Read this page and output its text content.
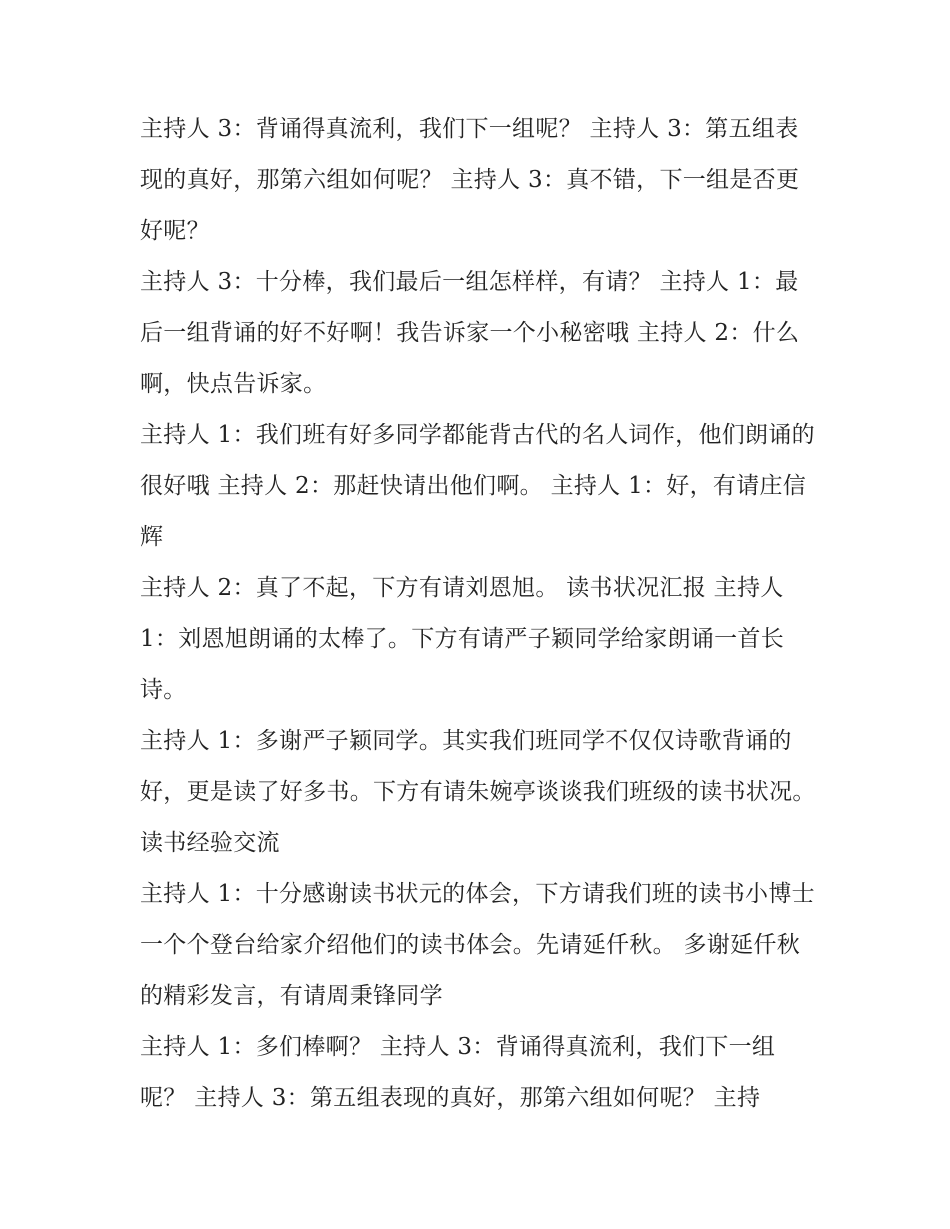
主持人 3：背诵得真流利，我们下一组呢？ 主持人 3：第五组表现的真好，那第六组如何呢？ 主持人 3：真不错，下一组是否更好呢？

主持人 3：十分棒，我们最后一组怎样样，有请？ 主持人 1：最后一组背诵的好不好啊！我告诉家一个小秘密哦 主持人 2：什么啊，快点告诉家。

主持人 1：我们班有好多同学都能背古代的名人词作，他们朗诵的很好哦 主持人 2：那赶快请出他们啊。 主持人 1：好，有请庄信辉

主持人 2：真了不起，下方有请刘恩旭。 读书状况汇报 主持人 1：刘恩旭朗诵的太棒了。下方有请严子颖同学给家朗诵一首长诗。

主持人 1：多谢严子颖同学。其实我们班同学不仅仅诗歌背诵的好，更是读了好多书。下方有请朱婉亭谈谈我们班级的读书状况。 读书经验交流

主持人 1：十分感谢读书状元的体会，下方请我们班的读书小博士一个个登台给家介绍他们的读书体会。先请延仟秋。 多谢延仟秋的精彩发言，有请周秉锋同学

主持人 1：多们棒啊？ 主持人 3：背诵得真流利，我们下一组呢？ 主持人 3：第五组表现的真好，那第六组如何呢？ 主持
